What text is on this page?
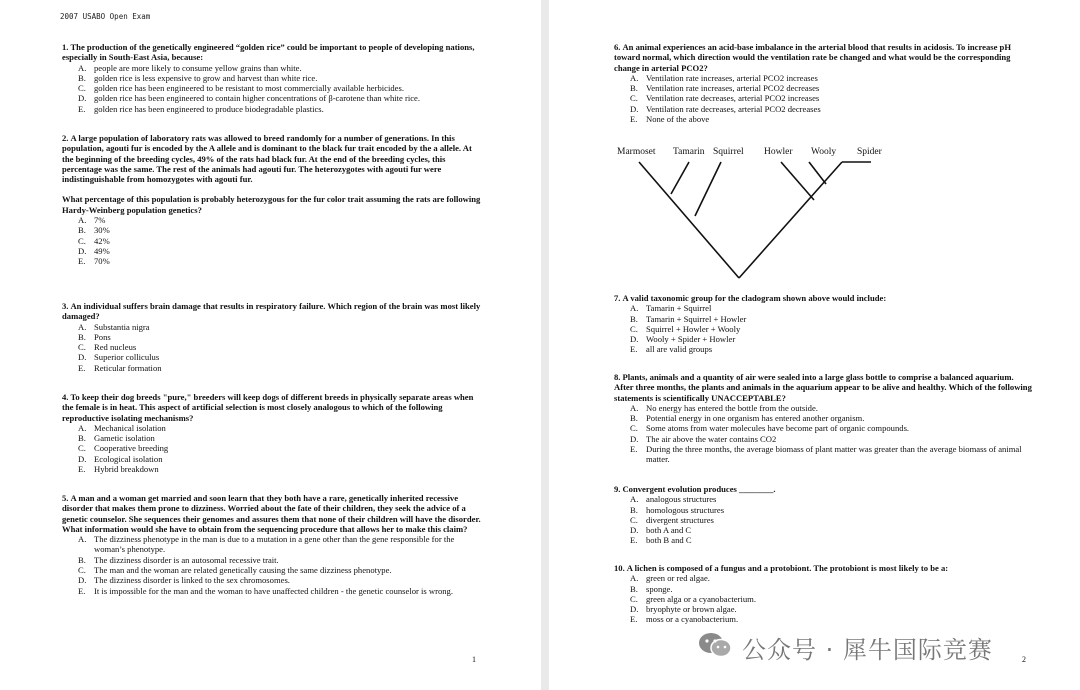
2007 USABO Open Exam

1. The production of the genetically engineered “golden rice” could be important to people of developing nations, especially in South-East Asia, because:

A. people are more likely to consume yellow grains than white.
B. golden rice is less expensive to grow and harvest than white rice.
C. golden rice has been engineered to be resistant to most commercially available herbicides.
D. golden rice has been engineered to contain higher concentrations of β-carotene than white rice.
E. golden rice has been engineered to produce biodegradable plastics.

2. A large population of laboratory rats was allowed to breed randomly for a number of generations. In this population, agouti fur is encoded by the A allele and is dominant to the black fur trait encoded by the a allele. At the beginning of the breeding cycles, 49% of the rats had black fur. At the end of the breeding cycles, this percentage was the same. The rest of the animals had agouti fur. The heterozygotes with agouti fur were indistinguishable from homozygotes with agouti fur.

What percentage of this population is probably heterozygous for the fur color trait assuming the rats are following Hardy-Weinberg population genetics?

A. 7%
B. 30%
C. 42%
D. 49%
E. 70%

3. An individual suffers brain damage that results in respiratory failure. Which region of the brain was most likely damaged?

A. Substantia nigra
B. Pons
C. Red nucleus
D. Superior colliculus
E. Reticular formation

4. To keep their dog breeds "pure," breeders will keep dogs of different breeds in physically separate areas when the female is in heat. This aspect of artificial selection is most closely analogous to which of the following reproductive isolating mechanisms?

A. Mechanical isolation
B. Gametic isolation
C. Cooperative breeding
D. Ecological isolation
E. Hybrid breakdown

5. A man and a woman get married and soon learn that they both have a rare, genetically inherited recessive disorder that makes them prone to dizziness. Worried about the fate of their children, they seek the advice of a genetic counselor. She sequences their genomes and assures them that none of their children will have the disorder. What information would she have to obtain from the sequencing procedure that allows her to make this claim?

A. The dizziness phenotype in the man is due to a mutation in a gene other than the gene responsible for the woman’s phenotype.
B. The dizziness disorder is an autosomal recessive trait.
C. The man and the woman are related genetically causing the same dizziness phenotype.
D. The dizziness disorder is linked to the sex chromosomes.
E. It is impossible for the man and the woman to have unaffected children - the genetic counselor is wrong.
1

6. An animal experiences an acid-base imbalance in the arterial blood that results in acidosis. To increase pH toward normal, which direction would the ventilation rate be changed and what would be the corresponding change in arterial PCO2?

A. Ventilation rate increases, arterial PCO2 increases
B. Ventilation rate increases, arterial PCO2 decreases
C. Ventilation rate decreases, arterial PCO2 increases
D. Ventilation rate decreases, arterial PCO2 decreases
E. None of the above
Marmoset Tamarin Squirrel Howler Wooly Spider

7. A valid taxonomic group for the cladogram shown above would include:

A. Tamarin + Squirrel
B. Tamarin + Squirrel + Howler
C. Squirrel + Howler + Wooly
D. Wooly + Spider + Howler
E. all are valid groups

8. Plants, animals and a quantity of air were sealed into a large glass bottle to comprise a balanced aquarium. After three months, the plants and animals in the aquarium appear to be alive and healthy. Which of the following statements is scientifically UNACCEPTABLE?

A. No energy has entered the bottle from the outside.
B. Potential energy in one organism has entered another organism.
C. Some atoms from water molecules have become part of organic compounds.
D. The air above the water contains CO2
E. During the three months, the average biomass of plant matter was greater than the average biomass of animal matter.

9. Convergent evolution produces ________.

A. analogous structures
B. homologous structures
C. divergent structures
D. both A and C
E. both B and C

10. A lichen is composed of a fungus and a protobiont. The protobiont is most likely to be a:

A. green or red algae.
B. sponge.
C. green alga or a cyanobacterium.
D. bryophyte or brown algae.
E. moss or a cyanobacterium.
2
公众号 · 犀牛国际竞赛
